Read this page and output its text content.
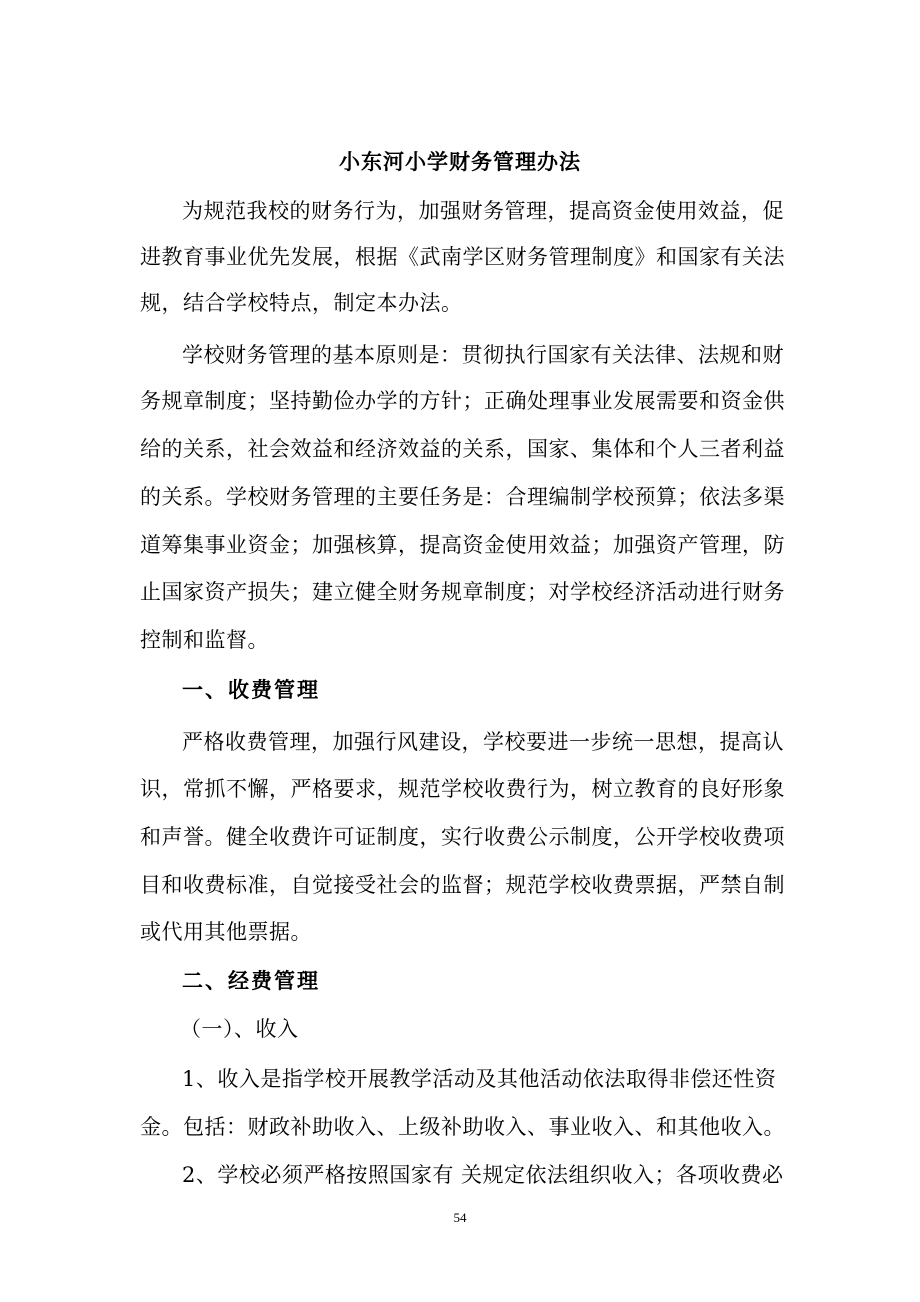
小东河小学财务管理办法

为规范我校的财务行为，加强财务管理，提高资金使用效益，促

进教育事业优先发展，根据《武南学区财务管理制度》和国家有关法

规，结合学校特点，制定本办法。

学校财务管理的基本原则是：贯彻执行国家有关法律、法规和财

务规章制度；坚持勤俭办学的方针；正确处理事业发展需要和资金供

给的关系，社会效益和经济效益的关系，国家、集体和个人三者利益

的关系。学校财务管理的主要任务是：合理编制学校预算；依法多渠

道筹集事业资金；加强核算，提高资金使用效益；加强资产管理，防

止国家资产损失；建立健全财务规章制度；对学校经济活动进行财务

控制和监督。

一、收费管理

严格收费管理，加强行风建设，学校要进一步统一思想，提高认

识，常抓不懈，严格要求，规范学校收费行为，树立教育的良好形象

和声誉。健全收费许可证制度，实行收费公示制度，公开学校收费项

目和收费标准，自觉接受社会的监督；规范学校收费票据，严禁自制

或代用其他票据。

二、经费管理

（一）、收入

1、收入是指学校开展教学活动及其他活动依法取得非偿还性资

金。包括：财政补助收入、上级补助收入、事业收入、和其他收入。

2、学校必须严格按照国家有 关规定依法组织收入；各项收费必

54
